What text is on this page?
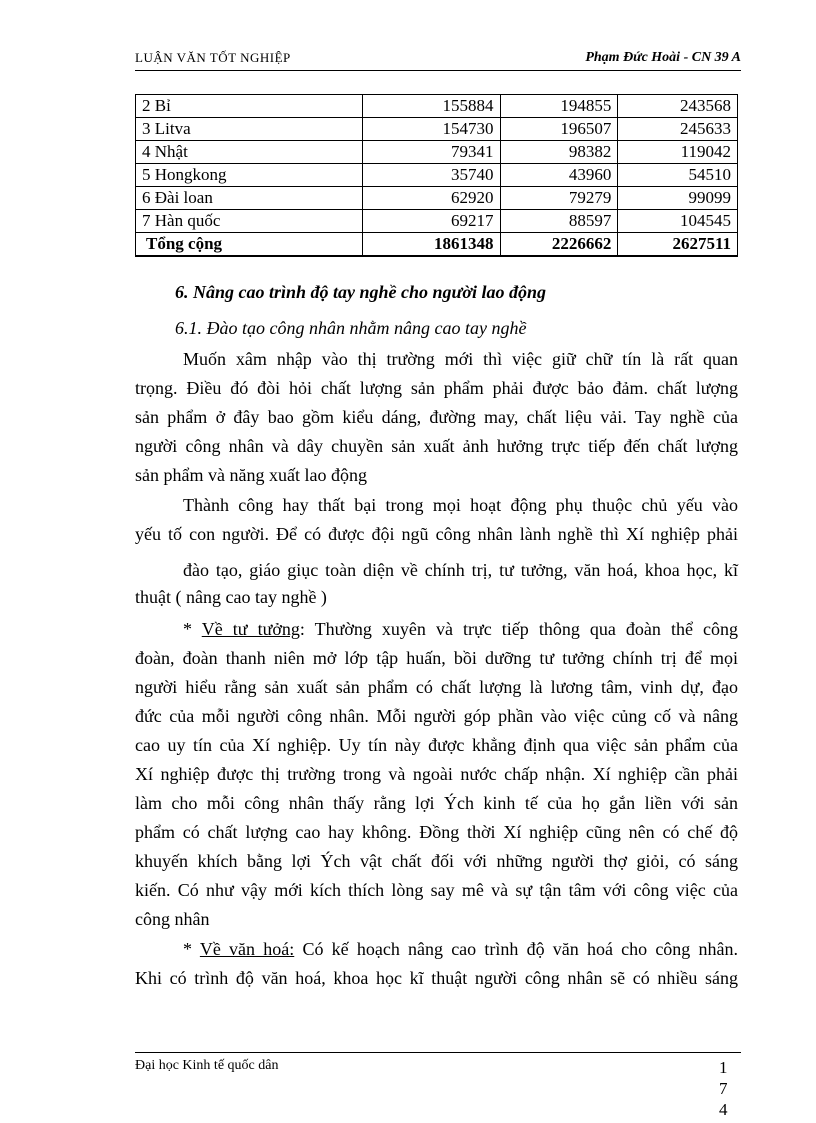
LUẬN VĂN TỐT NGHIỆP	Phạm Đức Hoài - CN 39 A
2 Bỉ	155884	194855	243568
3 Litva	154730	196507	245633
4 Nhật	79341	98382	119042
5 Hongkong	35740	43960	54510
6 Đài loan	62920	79279	99099
7 Hàn quốc	69217	88597	104545
Tổng cộng	1861348	2226662	2627511
6. Nâng cao trình độ tay nghề cho người lao động
6.1. Đào tạo công nhân nhằm nâng cao tay nghề
Muốn xâm nhập vào thị trường mới thì việc giữ chữ tín là rất quan
trọng. Điều đó đòi hỏi chất lượng sản phẩm phải được bảo đảm. chất lượng
sản phẩm ở đây bao gồm kiểu dáng, đường may, chất liệu vải. Tay nghề của
người công nhân và dây chuyền sản xuất ảnh hưởng trực tiếp đến chất lượng
sản phẩm và năng xuất lao động
Thành công hay thất bại trong mọi hoạt động phụ thuộc chủ yếu vào
yếu tố con người. Để có được đội ngũ công nhân lành nghề thì Xí nghiệp phải
đào tạo, giáo giục toàn diện về chính trị, tư tưởng, văn hoá, khoa học, kĩ
thuật ( nâng cao tay nghề )
* Về tư tưởng: Thường xuyên và trực tiếp thông qua đoàn thể công
đoàn, đoàn thanh niên mở lớp tập huấn, bồi dưỡng tư tưởng chính trị để mọi
người hiểu rằng sản xuất sản phẩm có chất lượng là lương tâm, vinh dự, đạo
đức của mỗi người công nhân. Mỗi người góp phần vào việc củng cố và nâng
cao uy tín của Xí nghiệp. Uy tín này được khẳng định qua việc sản phẩm của
Xí nghiệp được thị trường trong và ngoài nước chấp nhận. Xí nghiệp cần phải
làm cho mỗi công nhân thấy rằng lợi Ých kinh tế của họ gắn liền với sản
phẩm có chất lượng cao hay không. Đồng thời Xí nghiệp cũng nên có chế độ
khuyến khích bằng lợi Ých vật chất đối với những người thợ giỏi, có sáng
kiến. Có như vậy mới kích thích lòng say mê và sự tận tâm với công việc của
công nhân
* Về văn hoá: Có kế hoạch nâng cao trình độ văn hoá cho công nhân.
Khi có trình độ văn hoá, khoa học kĩ thuật người công nhân sẽ có nhiều sáng
Đại học Kinh tế quốc dân	1
7
4
